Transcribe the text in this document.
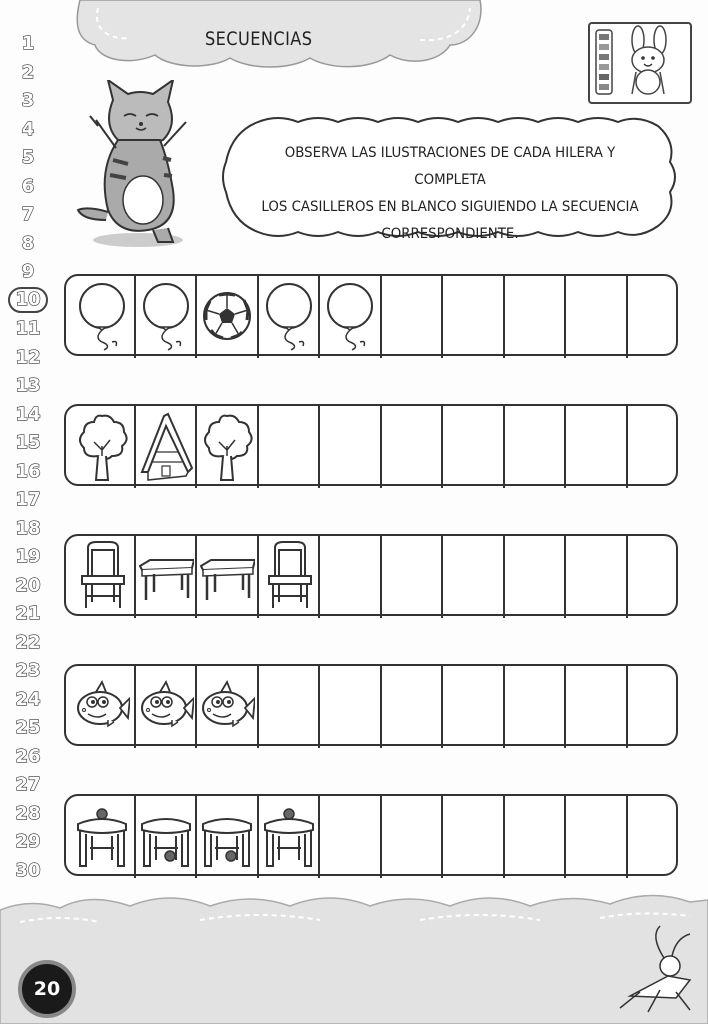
SECUENCIAS
1
2
3
4
5
6
7
8
9
10
11
12
13
14
15
16
17
18
19
20
21
22
23
24
25
26
27
28
29
30
OBSERVA LAS ILUSTRACIONES DE CADA HILERA Y COMPLETA
LOS CASILLEROS EN BLANCO SIGUIENDO LA SECUENCIA
CORRESPONDIENTE.
20
